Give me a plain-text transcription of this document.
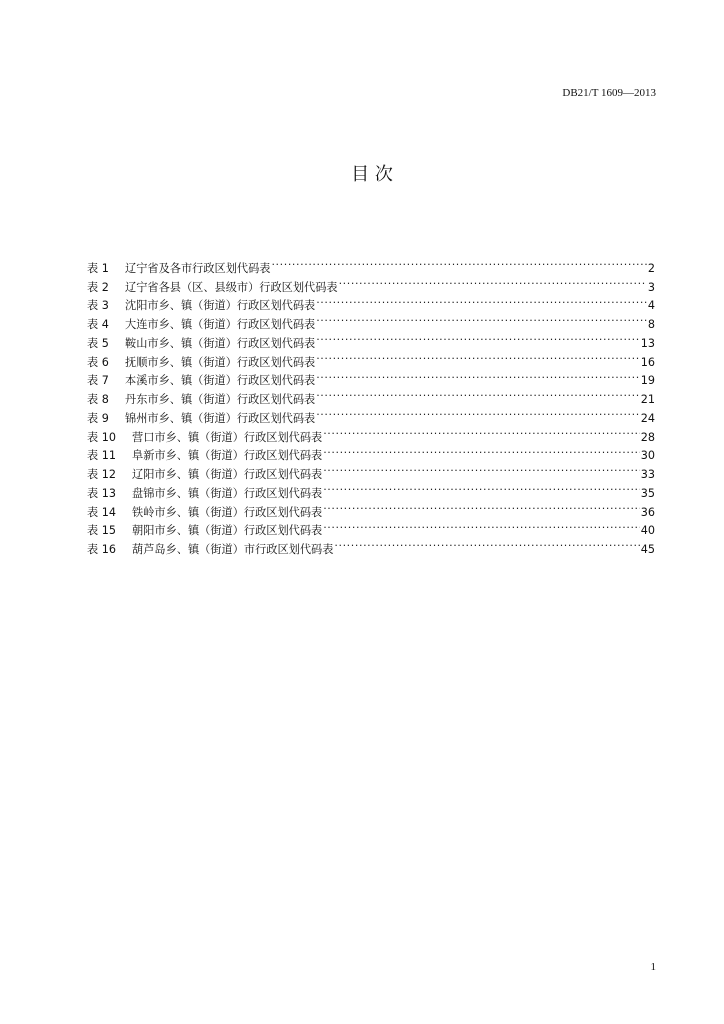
DB21/T 1609—2013
目 次
表 1	辽宁省及各市行政区划代码表 .....	2
表 2	辽宁省各县（区、县级市）行政区划代码表 .....	3
表 3	沈阳市乡、镇（街道）行政区划代码表 .....	4
表 4	大连市乡、镇（街道）行政区划代码表 .....	8
表 5	鞍山市乡、镇（街道）行政区划代码表 .....	13
表 6	抚顺市乡、镇（街道）行政区划代码表 .....	16
表 7	本溪市乡、镇（街道）行政区划代码表 .....	19
表 8	丹东市乡、镇（街道）行政区划代码表 .....	21
表 9	锦州市乡、镇（街道）行政区划代码表 .....	24
表 10	营口市乡、镇（街道）行政区划代码表 .....	28
表 11	阜新市乡、镇（街道）行政区划代码表 .....	30
表 12	辽阳市乡、镇（街道）行政区划代码表 .....	33
表 13	盘锦市乡、镇（街道）行政区划代码表 .....	35
表 14	铁岭市乡、镇（街道）行政区划代码表 .....	36
表 15	朝阳市乡、镇（街道）行政区划代码表 .....	40
表 16	葫芦岛乡、镇（街道）市行政区划代码表 .....	45
1
